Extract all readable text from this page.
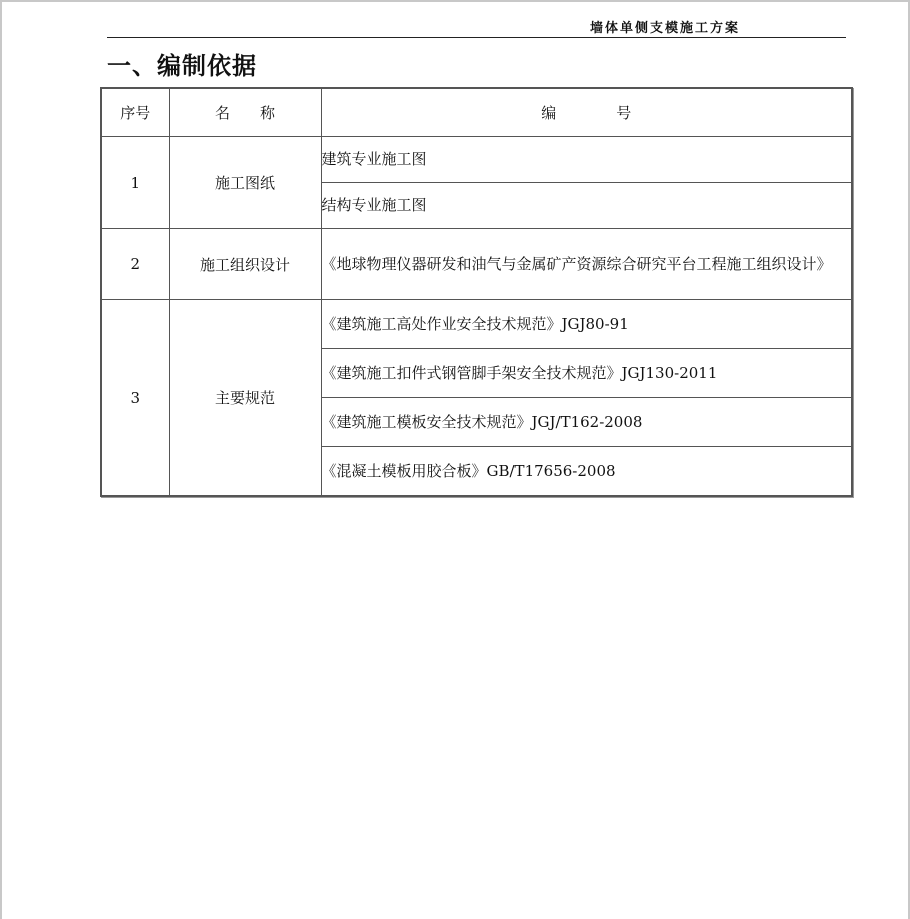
墙体单侧支模施工方案
一、编制依据
序号	名　　称	编　　　　号
1	施工图纸	建筑专业施工图
		结构专业施工图
2	施工组织设计	《地球物理仪器研发和油气与金属矿产资源综合研究平台工程施工组织设计》

3	主要规范	《建筑施工高处作业安全技术规范》JGJ80-91
		《建筑施工扣件式钢管脚手架安全技术规范》JGJ130-2011
		《建筑施工模板安全技术规范》JGJ/T162-2008
		《混凝土模板用胶合板》GB/T17656-2008
